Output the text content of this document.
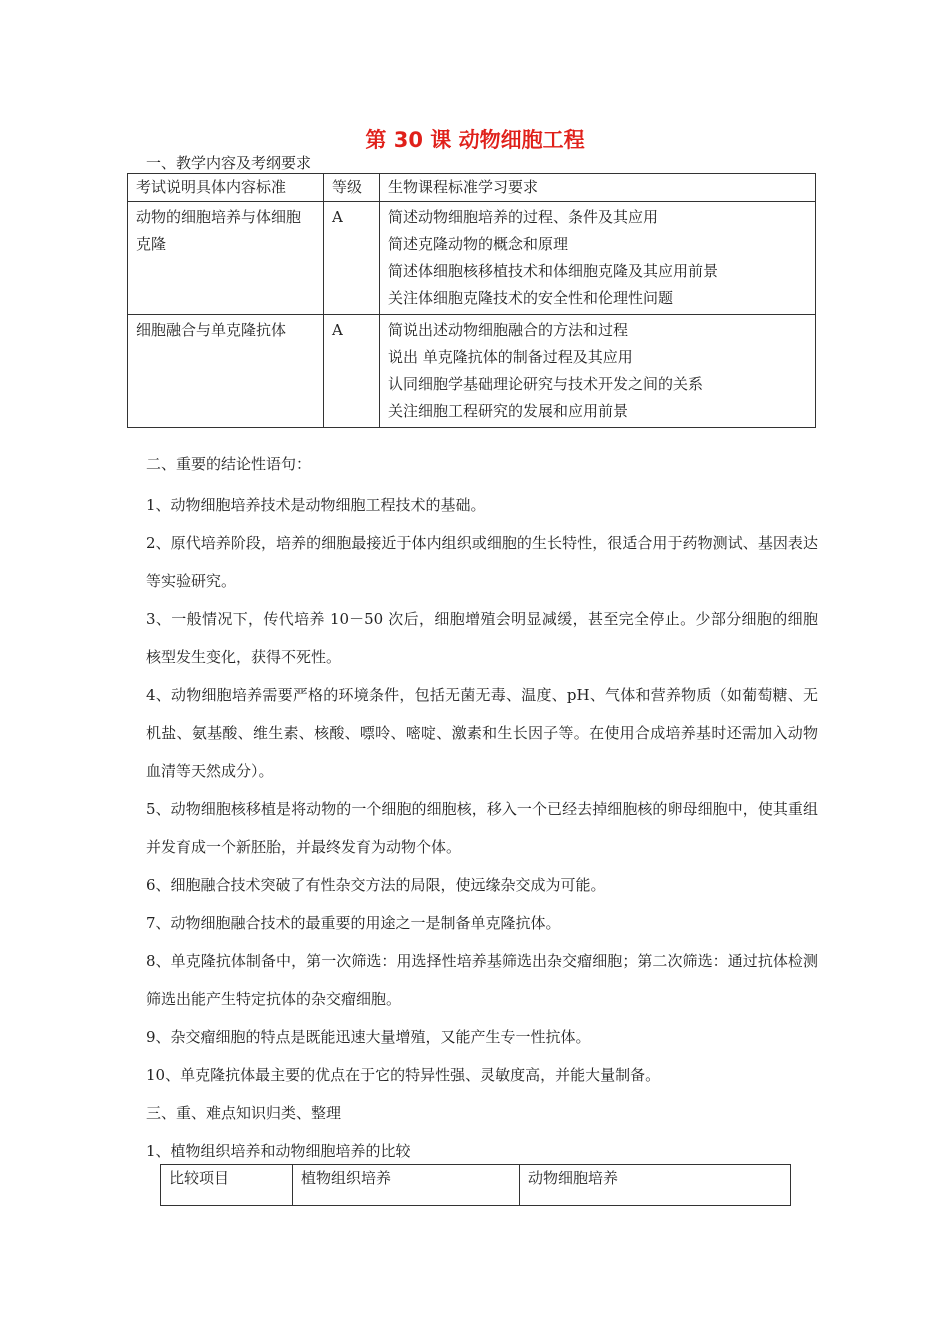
第 30 课 动物细胞工程
一、教学内容及考纲要求
考试说明具体内容标准	等级	生物课程标准学习要求
动物的细胞培养与体细胞克隆	A	简述动物细胞培养的过程、条件及其应用
简述克隆动物的概念和原理
简述体细胞核移植技术和体细胞克隆及其应用前景
关注体细胞克隆技术的安全性和伦理性问题

细胞融合与单克隆抗体	A	简说出述动物细胞融合的方法和过程
说出 单克隆抗体的制备过程及其应用
认同细胞学基础理论研究与技术开发之间的关系
关注细胞工程研究的发展和应用前景
二、重要的结论性语句：

1、动物细胞培养技术是动物细胞工程技术的基础。

2、原代培养阶段，培养的细胞最接近于体内组织或细胞的生长特性，很适合用于药物测试、基因表达等实验研究。

3、一般情况下，传代培养 10－50 次后，细胞增殖会明显减缓，甚至完全停止。少部分细胞的细胞核型发生变化，获得不死性。

4、动物细胞培养需要严格的环境条件，包括无菌无毒、温度、pH、气体和营养物质（如葡萄糖、无机盐、氨基酸、维生素、核酸、嘌呤、嘧啶、激素和生长因子等。在使用合成培养基时还需加入动物血清等天然成分）。

5、动物细胞核移植是将动物的一个细胞的细胞核，移入一个已经去掉细胞核的卵母细胞中，使其重组并发育成一个新胚胎，并最终发育为动物个体。

6、细胞融合技术突破了有性杂交方法的局限，使远缘杂交成为可能。

7、动物细胞融合技术的最重要的用途之一是制备单克隆抗体。

8、单克隆抗体制备中，第一次筛选：用选择性培养基筛选出杂交瘤细胞；第二次筛选：通过抗体检测筛选出能产生特定抗体的杂交瘤细胞。

9、杂交瘤细胞的特点是既能迅速大量增殖，又能产生专一性抗体。

10、单克隆抗体最主要的优点在于它的特异性强、灵敏度高，并能大量制备。

三、重、难点知识归类、整理

1、植物组织培养和动物细胞培养的比较

比较项目	植物组织培养	动物细胞培养
